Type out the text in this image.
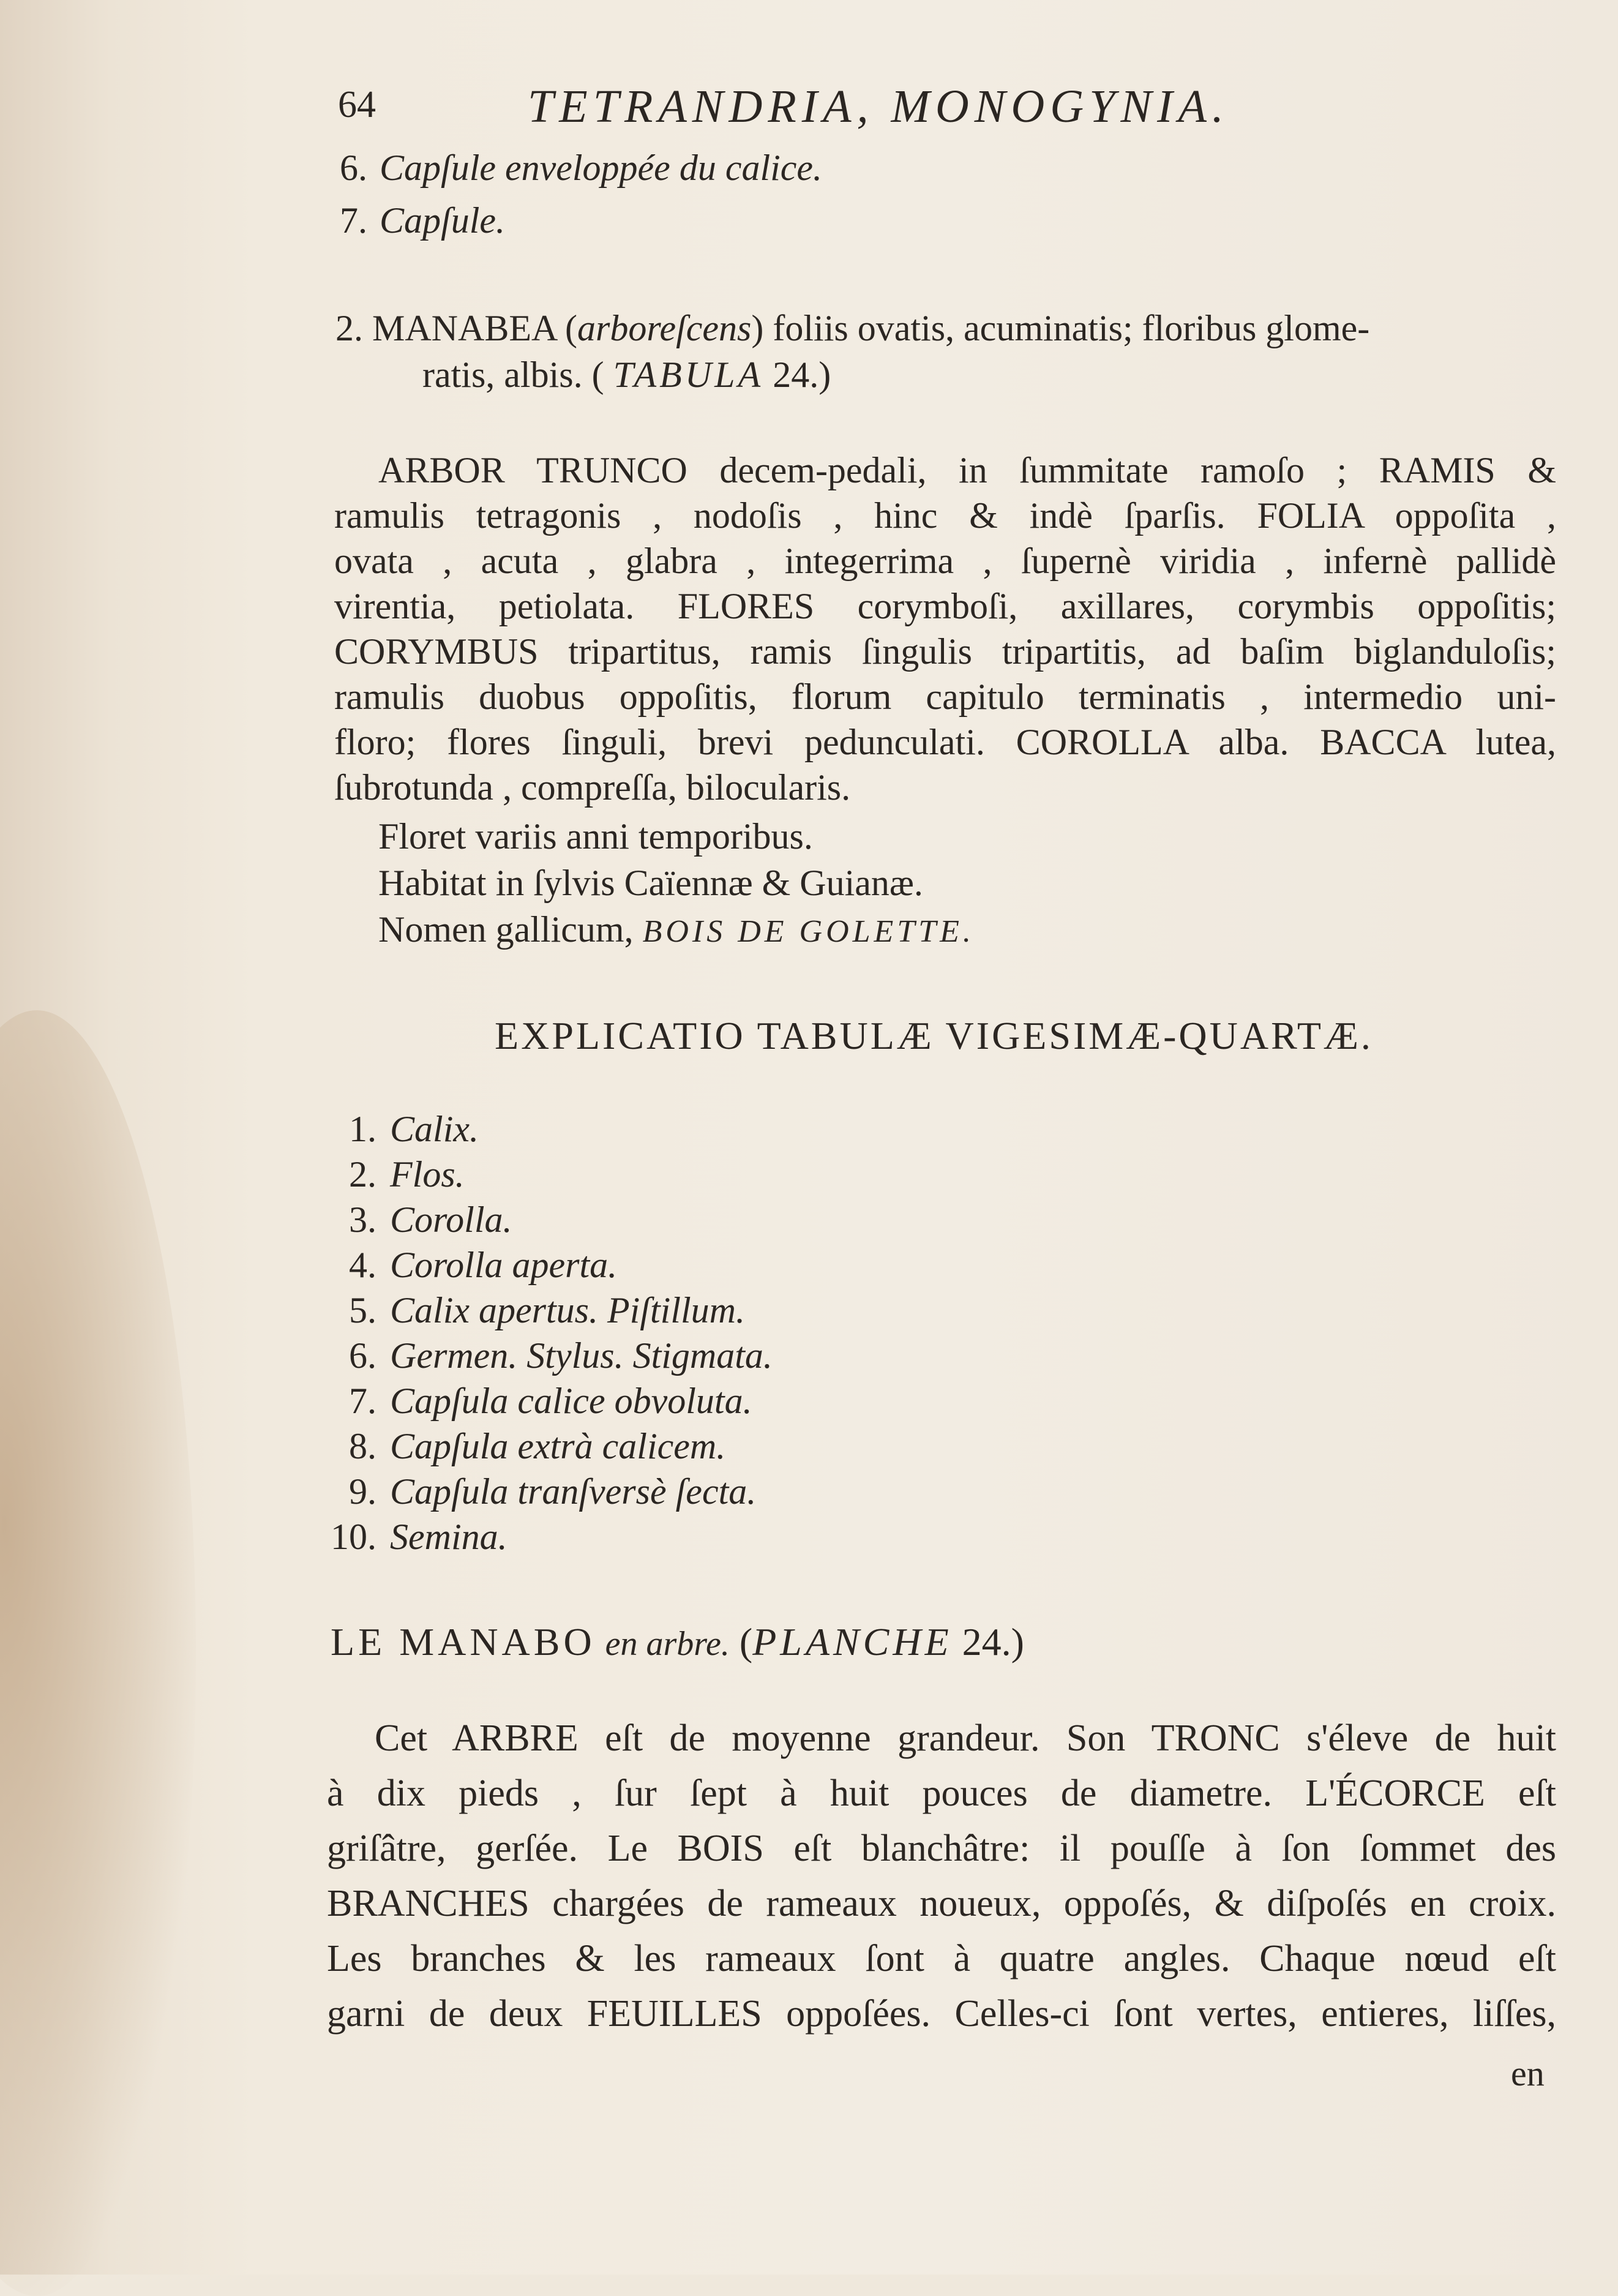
64	TETRANDRIA, MONOGYNIA.
6. Capſule enveloppée du calice.
7. Capſule.
2. MANABEA (arboreſcens) foliis ovatis, acuminatis; floribus glome-
ratis, albis. ( TABULA 24.)
ARBOR TRUNCO decem-pedali, in ſummitate ramoſo ; RAMIS &
ramulis tetragonis , nodoſis , hinc & indè ſparſis. FOLIA oppoſita ,
ovata , acuta , glabra , integerrima , ſupernè viridia , infernè pallidè
virentia, petiolata. FLORES corymboſi, axillares, corymbis oppoſitis;
CORYMBUS tripartitus, ramis ſingulis tripartitis, ad baſim biglanduloſis;
ramulis duobus oppoſitis, florum capitulo terminatis , intermedio uni-
floro; flores ſinguli, brevi pedunculati. COROLLA alba. BACCA lutea,
ſubrotunda , compreſſa, bilocularis.
Floret variis anni temporibus.
Habitat in ſylvis Caïennæ & Guianæ.
Nomen gallicum, BOIS DE GOLETTE.
EXPLICATIO TABULÆ VIGESIMÆ-QUARTÆ.
1. Calix.
2. Flos.
3. Corolla.
4. Corolla aperta.
5. Calix apertus. Piſtillum.
6. Germen. Stylus. Stigmata.
7. Capſula calice obvoluta.
8. Capſula extrà calicem.
9. Capſula tranſversè ſecta.
10. Semina.
LE MANABO en arbre. (PLANCHE 24.)
Cet ARBRE eſt de moyenne grandeur. Son TRONC s'éleve de huit
à dix pieds , ſur ſept à huit pouces de diametre. L'ÉCORCE eſt
griſâtre, gerſée. Le BOIS eſt blanchâtre: il pouſſe à ſon ſommet des
BRANCHES chargées de rameaux noueux, oppoſés, & diſpoſés en croix.
Les branches & les rameaux ſont à quatre angles. Chaque nœud eſt
garni de deux FEUILLES oppoſées. Celles-ci ſont vertes, entieres, liſſes,
en
